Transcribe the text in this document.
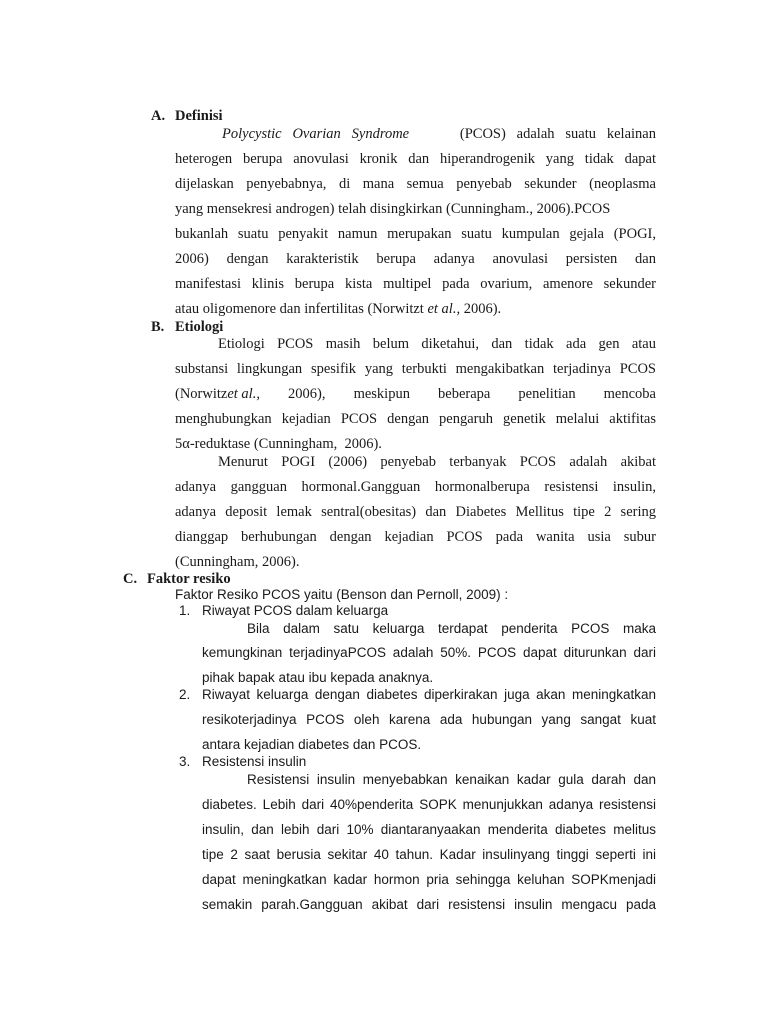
A. Definisi
Polycystic   Ovarian   Syndrome	(PCOS)   adalah   suatu   kelainan
heterogen berupa anovulasi kronik dan hiperandrogenik yang tidak dapat
dijelaskan penyebabnya, di mana semua penyebab sekunder (neoplasma
yang mensekresi androgen) telah disingkirkan (Cunningham ., 2006).PCOS
bukanlah suatu penyakit namun merupakan suatu kumpulan gejala (POGI,
2006) dengan karakteristik berupa adanya anovulasi persisten dan
manifestasi klinis berupa kista multipel pada ovarium, amenore sekunder
atau oligomenore dan infertilitas (Norwitzt et al., 2006).
B. Etiologi
Etiologi PCOS masih belum diketahui, dan tidak ada gen atau
substansi lingkungan spesifik yang terbukti mengakibatkan terjadinya PCOS
(Norwitzet al., 2006), meskipun beberapa penelitian mencoba
menghubungkan kejadian PCOS dengan pengaruh genetik melalui aktifitas
5α-reduktase (Cunningham,  2006).
Menurut POGI (2006) penyebab terbanyak PCOS adalah akibat
adanya gangguan hormonal.Gangguan hormonalberupa resistensi insulin,
adanya deposit lemak sentral(obesitas) dan Diabetes Mellitus tipe 2 sering
dianggap berhubungan dengan kejadian PCOS pada wanita usia subur
(Cunningham, 2006).
C. Faktor resiko
Faktor Resiko PCOS yaitu (Benson dan Pernoll, 2009) :
1. Riwayat PCOS dalam keluarga
Bila dalam satu keluarga terdapat penderita PCOS maka
kemungkinan terjadinyaPCOS adalah 50%. PCOS dapat diturunkan dari
pihak bapak atau ibu kepada anaknya.
2. Riwayat keluarga dengan diabetes diperkirakan juga akan meningkatkan
resikoterjadinya PCOS oleh karena ada hubungan yang sangat kuat
antara kejadian diabetes dan PCOS.
3. Resistensi insulin
Resistensi insulin menyebabkan kenaikan kadar gula darah dan
diabetes. Lebih dari 40%penderita SOPK menunjukkan adanya resistensi
insulin, dan lebih dari 10% diantaranyaakan menderita diabetes melitus
tipe 2 saat berusia sekitar 40 tahun. Kadar insulinyang tinggi seperti ini
dapat meningkatkan kadar hormon pria sehingga keluhan SOPKmenjadi
semakin parah.Gangguan akibat dari resistensi insulin mengacu pada
